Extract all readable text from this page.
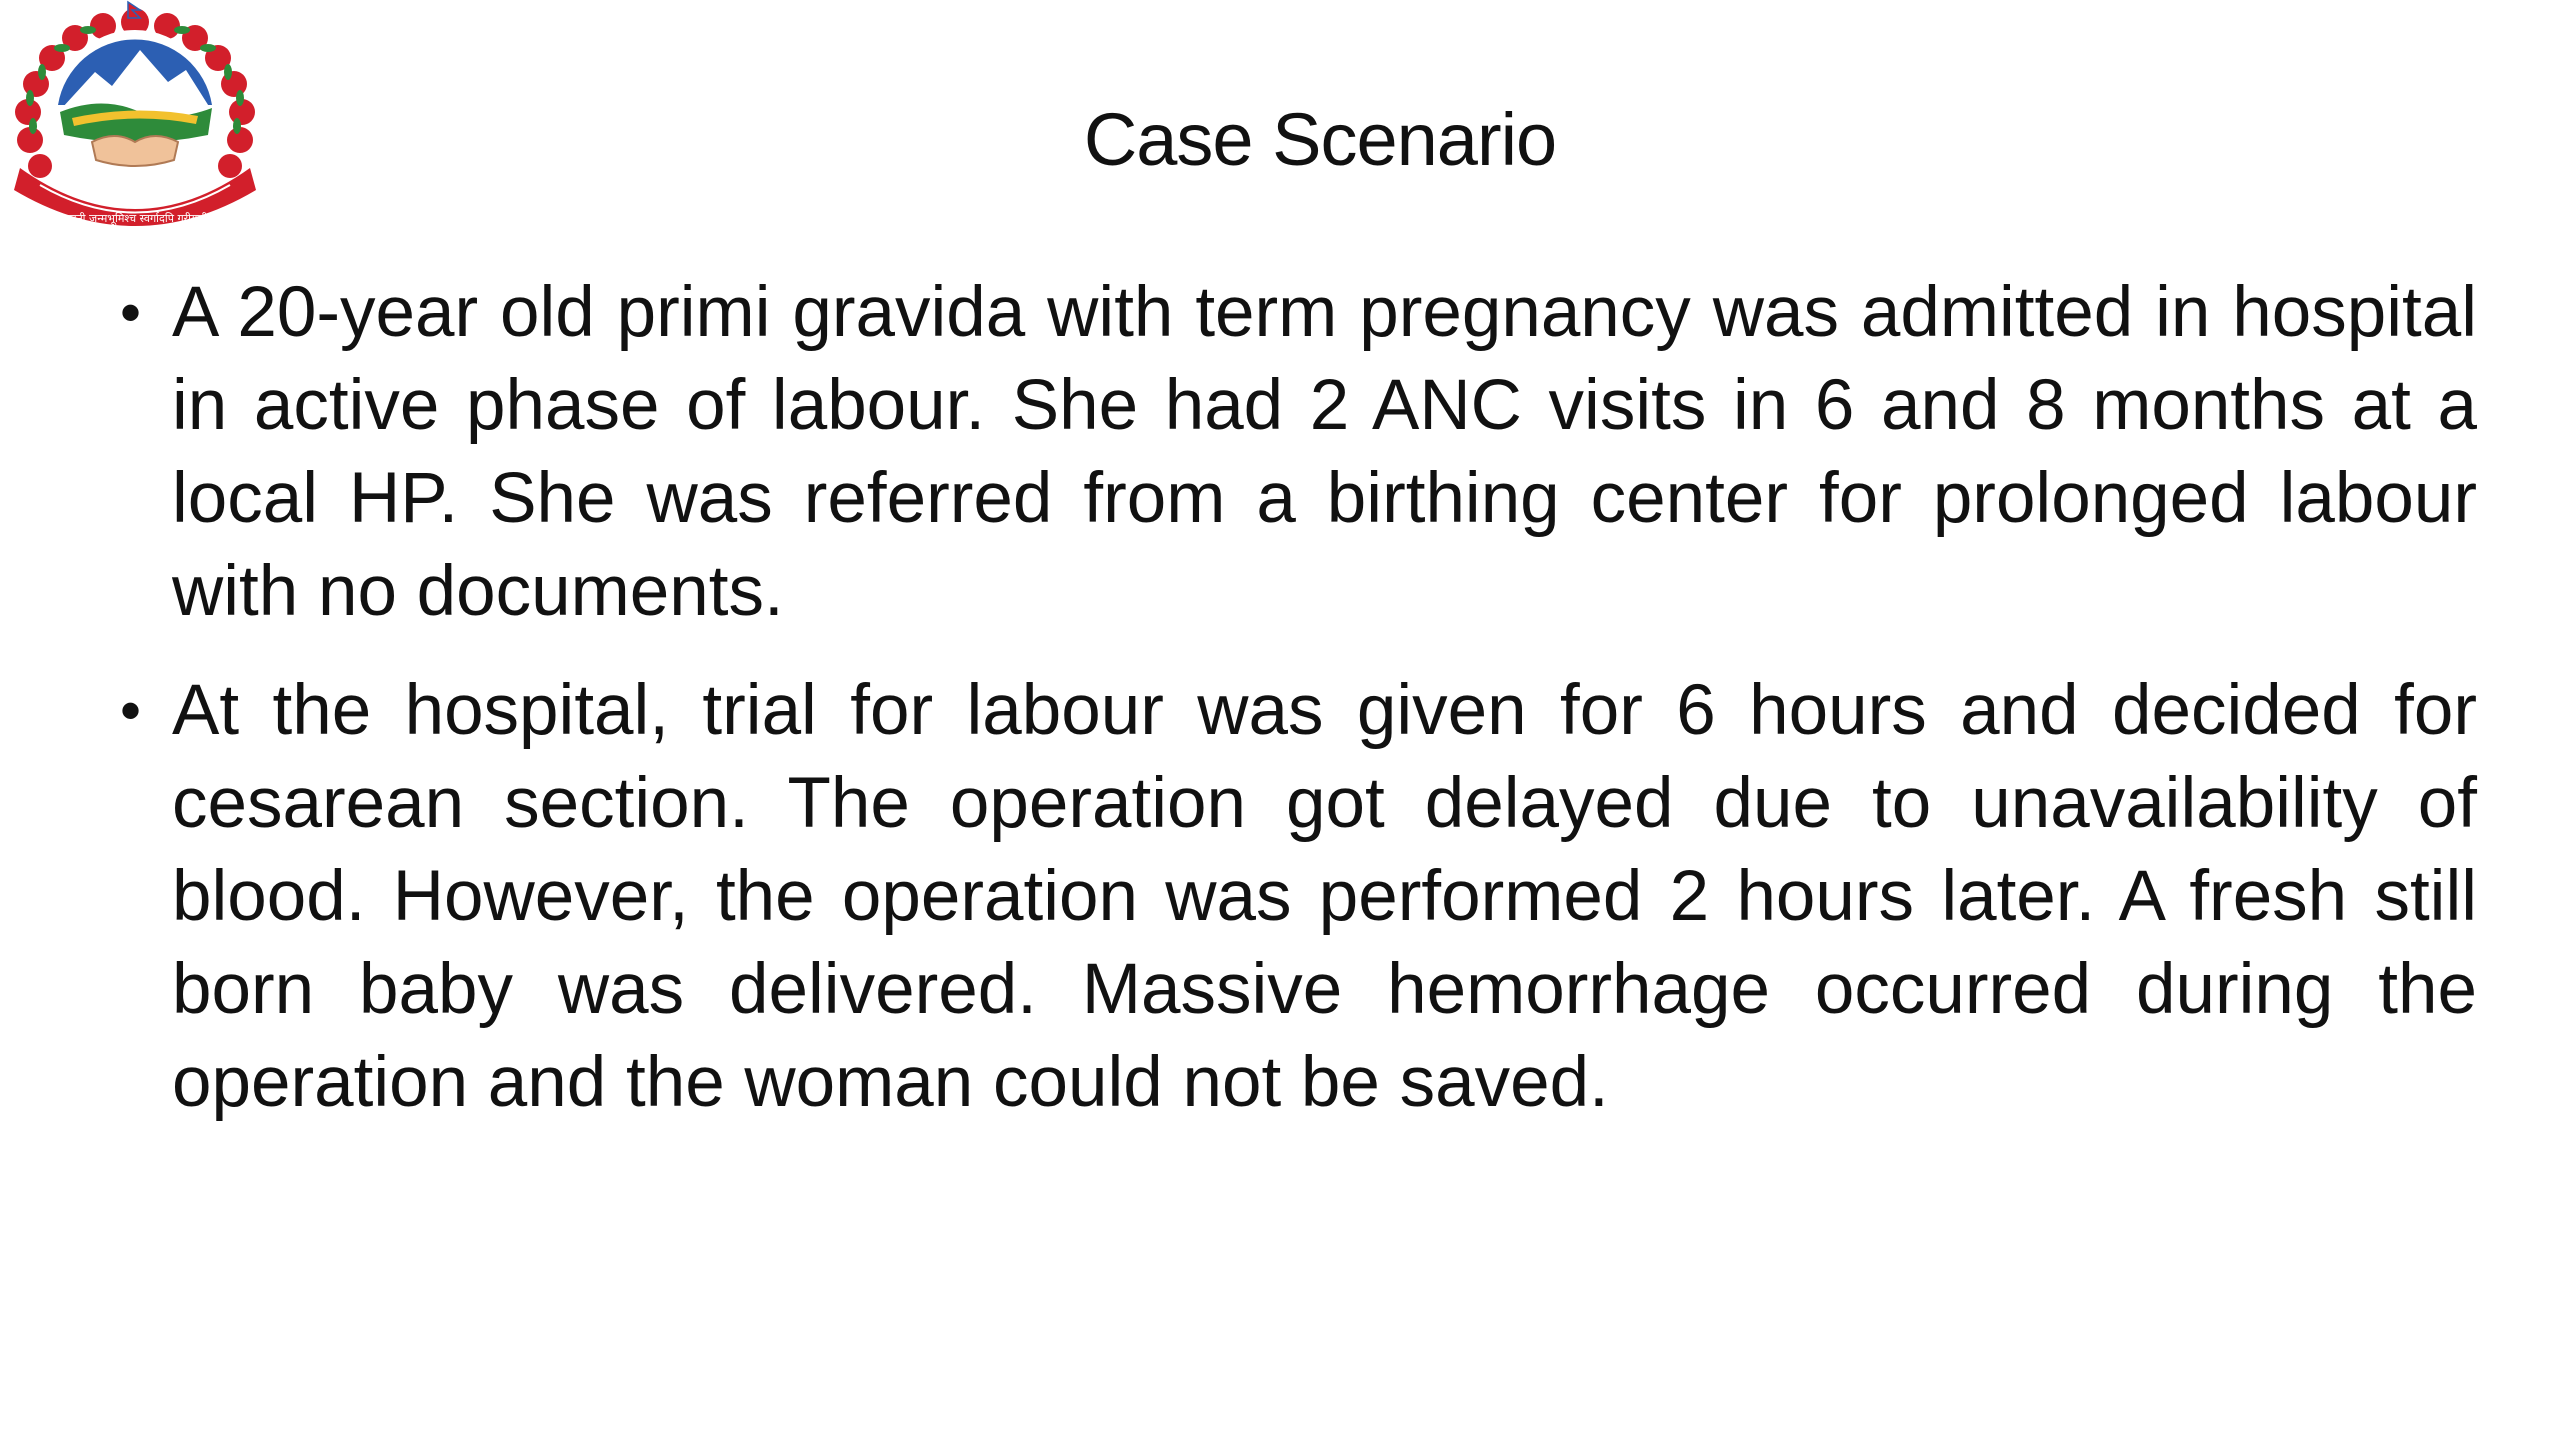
जननी जन्मभूमिश्च स्वर्गादपि गरीयसी
Case Scenario
• A 20-year old primi gravida with term pregnancy was admitted in hospital in active phase of labour. She had 2 ANC visits in 6 and 8 months at a local HP. She was referred from a birthing center for prolonged labour with no documents.
• At the hospital, trial for labour was given for 6 hours and decided for cesarean section. The operation got delayed due to unavailability of blood. However, the operation was performed 2 hours later. A fresh still born baby was delivered. Massive hemorrhage occurred during the operation and the woman could not be saved.
